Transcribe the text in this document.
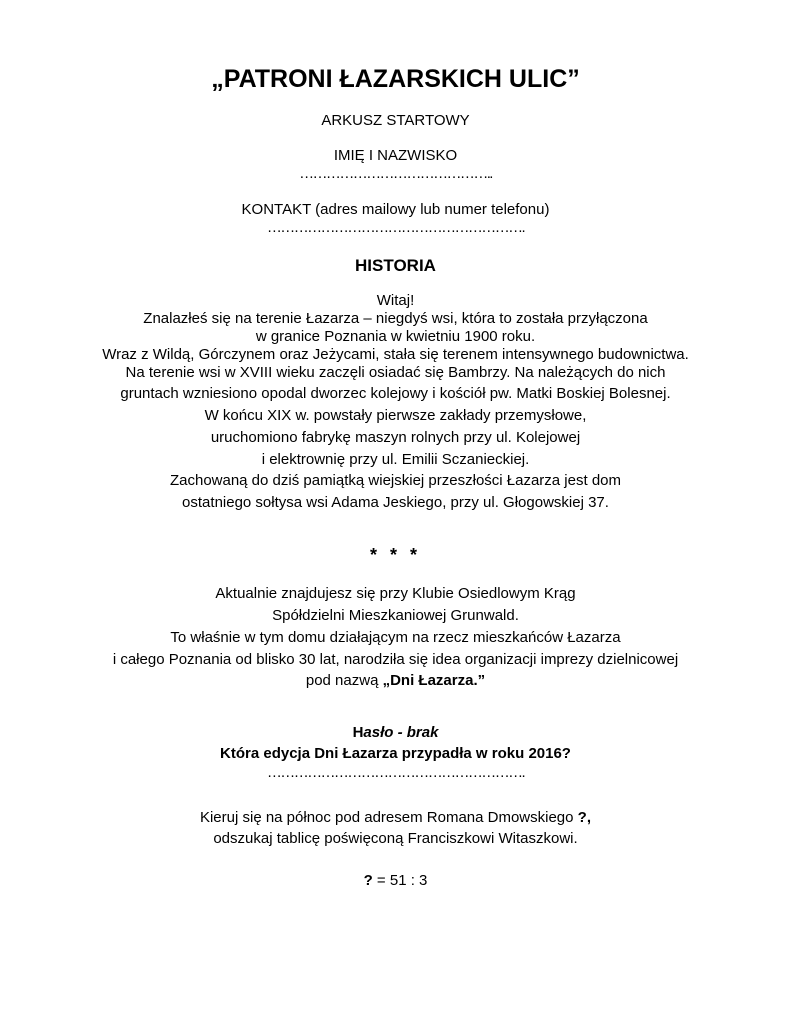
„PATRONI ŁAZARSKICH ULIC”
ARKUSZ STARTOWY
IMIĘ I NAZWISKO
……………………………………..
KONTAKT (adres mailowy lub numer telefonu)
………………………………………………….
HISTORIA
Witaj!
Znalazłeś się na terenie Łazarza – niegdyś wsi, która to została przyłączona
w granice Poznania w kwietniu 1900 roku.
Wraz z Wildą, Górczynem oraz Jeżycami, stała się terenem intensywnego budownictwa.
Na terenie wsi w XVIII wieku zaczęli osiadać się Bambrzy. Na należących do nich
gruntach wzniesiono opodal dworzec kolejowy i kościół pw. Matki Boskiej Bolesnej.
W końcu XIX w. powstały pierwsze zakłady przemysłowe,
uruchomiono fabrykę maszyn rolnych przy ul. Kolejowej
i elektrownię przy ul. Emilii Sczanieckiej.
Zachowaną do dziś pamiątką wiejskiej przeszłości Łazarza jest dom
ostatniego sołtysa wsi Adama Jeskiego, przy ul. Głogowskiej 37.
* * *
Aktualnie znajdujesz się przy Klubie Osiedlowym Krąg
Spółdzielni Mieszkaniowej Grunwald.
To właśnie w tym domu działającym na rzecz mieszkańców Łazarza
i całego Poznania od blisko 30 lat, narodziła się idea organizacji imprezy dzielnicowej
pod nazwą „Dni Łazarza.”
Hasło - brak
Która edycja Dni Łazarza przypadła w roku 2016?
………………………………………………….
Kieruj się na północ pod adresem Romana Dmowskiego ?,
odszukaj tablicę poświęconą Franciszkowi Witaszkowi.
? = 51 : 3
